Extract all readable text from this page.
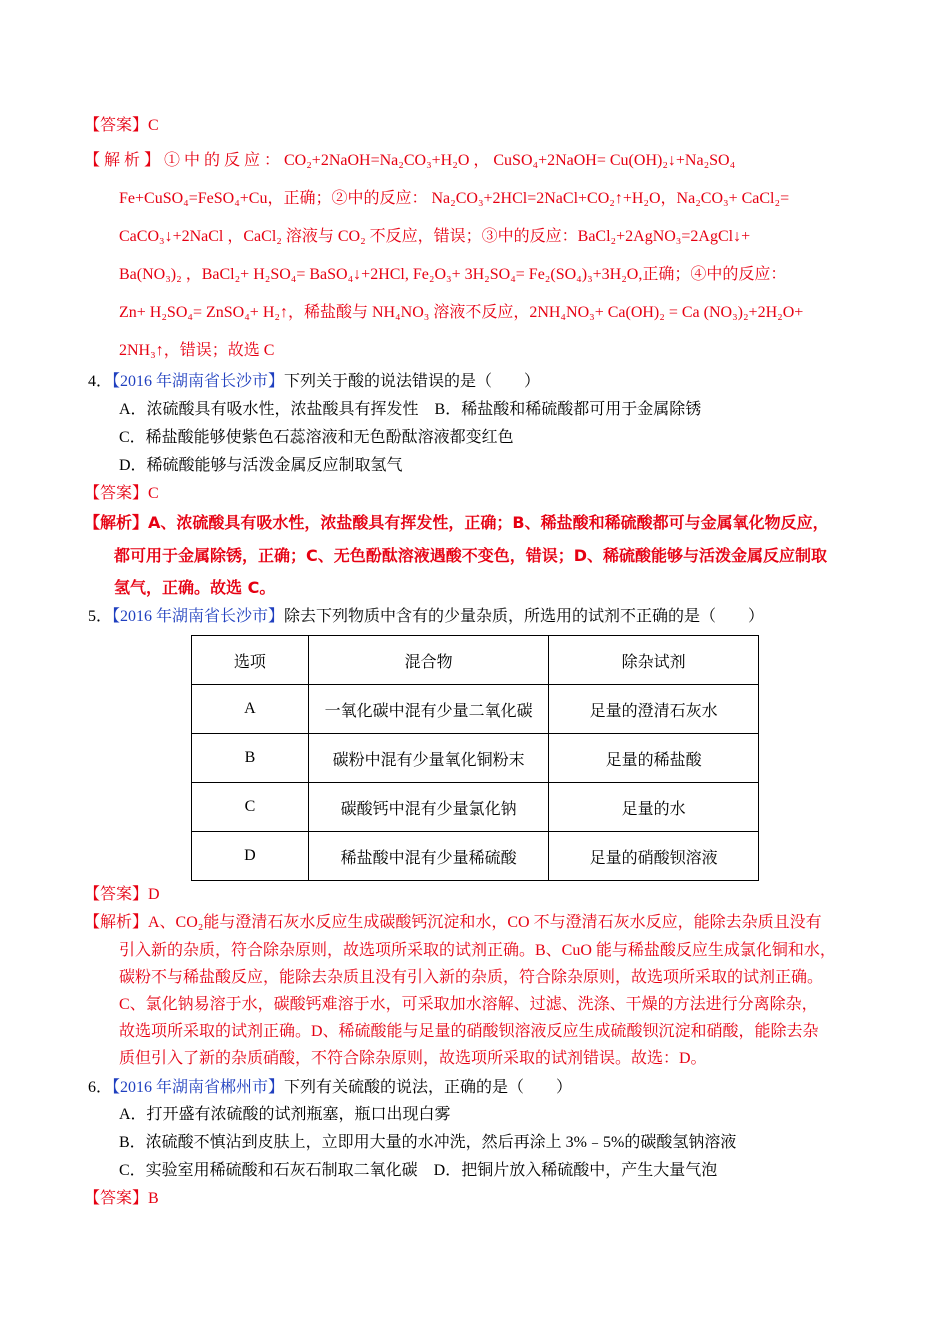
【答案】C
【 解 析 】 ① 中 的 反 应 ： CO₂+2NaOH=Na₂CO₃+H₂O ， CuSO₄+2NaOH= Cu(OH)₂↓+Na₂SO₄
Fe+CuSO₄=FeSO₄+Cu，正确；②中的反应： Na₂CO₃+2HCl=2NaCl+CO₂↑+H₂O，Na₂CO₃+ CaCl₂=
CaCO₃↓+2NaCl ，CaCl₂ 溶液与 CO₂ 不反应，错误；③中的反应：BaCl₂+2AgNO₃=2AgCl↓+
Ba(NO₃)₂ ，BaCl₂+ H₂SO₄= BaSO₄↓+2HCl, Fe₂O₃+ 3H₂SO₄= Fe₂(SO₄)₃+3H₂O,正确；④中的反应：
Zn+ H₂SO₄= ZnSO₄+ H₂↑，稀盐酸与 NH₄NO₃ 溶液不反应，2NH₄NO₃+ Ca(OH)₂ = Ca (NO₃)₂+2H₂O+
2NH₃↑，错误；故选 C
4．【2016 年湖南省长沙市】下列关于酸的说法错误的是（　　）
A．浓硫酸具有吸水性，浓盐酸具有挥发性　B．稀盐酸和稀硫酸都可用于金属除锈
C．稀盐酸能够使紫色石蕊溶液和无色酚酞溶液都变红色
D．稀硫酸能够与活泼金属反应制取氢气
【答案】C
【解析】A、浓硫酸具有吸水性，浓盐酸具有挥发性，正确；B、稀盐酸和稀硫酸都可与金属氧化物反应，
都可用于金属除锈，正确；C、无色酚酞溶液遇酸不变色，错误；D、稀硫酸能够与活泼金属反应制取
氢气，正确。故选 C。
5．【2016 年湖南省长沙市】除去下列物质中含有的少量杂质，所选用的试剂不正确的是（　　）
选项	混合物	除杂试剂
A	一氧化碳中混有少量二氧化碳	足量的澄清石灰水
B	碳粉中混有少量氧化铜粉末	足量的稀盐酸
C	碳酸钙中混有少量氯化钠	足量的水
D	稀盐酸中混有少量稀硫酸	足量的硝酸钡溶液
【答案】D
【解析】A、CO₂能与澄清石灰水反应生成碳酸钙沉淀和水，CO 不与澄清石灰水反应，能除去杂质且没有
引入新的杂质，符合除杂原则，故选项所采取的试剂正确。B、CuO 能与稀盐酸反应生成氯化铜和水，
碳粉不与稀盐酸反应，能除去杂质且没有引入新的杂质，符合除杂原则，故选项所采取的试剂正确。
C、氯化钠易溶于水，碳酸钙难溶于水，可采取加水溶解、过滤、洗涤、干燥的方法进行分离除杂，
故选项所采取的试剂正确。D、稀硫酸能与足量的硝酸钡溶液反应生成硫酸钡沉淀和硝酸，能除去杂
质但引入了新的杂质硝酸，不符合除杂原则，故选项所采取的试剂错误。故选：D。
6．【2016 年湖南省郴州市】下列有关硫酸的说法，正确的是（　　）
A．打开盛有浓硫酸的试剂瓶塞，瓶口出现白雾
B．浓硫酸不慎沾到皮肤上，立即用大量的水冲洗，然后再涂上 3%﹣5%的碳酸氢钠溶液
C．实验室用稀硫酸和石灰石制取二氧化碳　D．把铜片放入稀硫酸中，产生大量气泡
【答案】B
